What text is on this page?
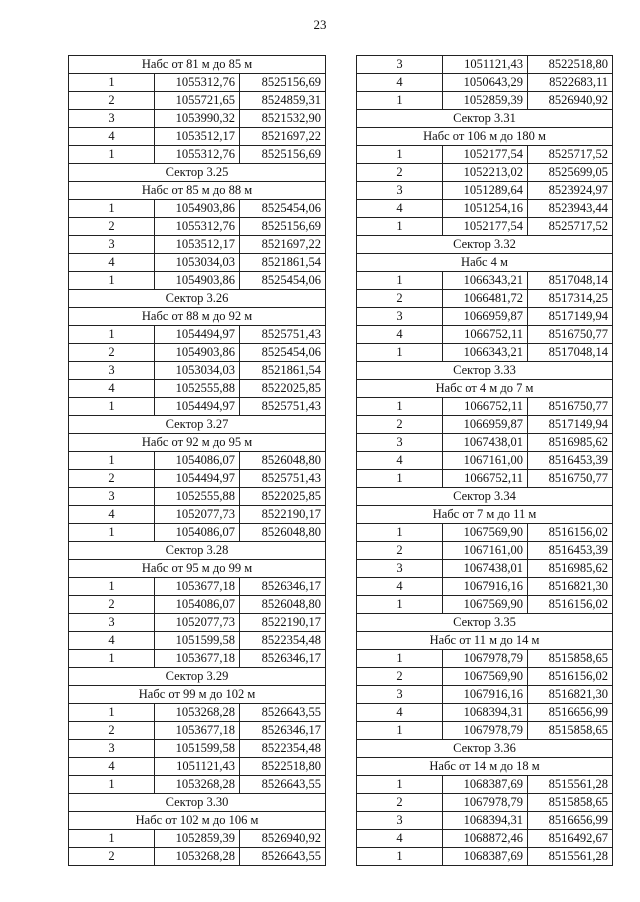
23
Набс от 81 м до 85 м		
1	1055312,76	8525156,69
2	1055721,65	8524859,31
3	1053990,32	8521532,90
4	1053512,17	8521697,22
1	1055312,76	8525156,69
Сектор 3.25		
Набс от 85 м до 88 м		
1	1054903,86	8525454,06
2	1055312,76	8525156,69
3	1053512,17	8521697,22
4	1053034,03	8521861,54
1	1054903,86	8525454,06
Сектор 3.26		
Набс от 88 м до 92 м		
1	1054494,97	8525751,43
2	1054903,86	8525454,06
3	1053034,03	8521861,54
4	1052555,88	8522025,85
1	1054494,97	8525751,43
Сектор 3.27		
Набс от 92 м до 95 м		
1	1054086,07	8526048,80
2	1054494,97	8525751,43
3	1052555,88	8522025,85
4	1052077,73	8522190,17
1	1054086,07	8526048,80
Сектор 3.28		
Набс от 95 м до 99 м		
1	1053677,18	8526346,17
2	1054086,07	8526048,80
3	1052077,73	8522190,17
4	1051599,58	8522354,48
1	1053677,18	8526346,17
Сектор 3.29		
Набс от 99 м до 102 м		
1	1053268,28	8526643,55
2	1053677,18	8526346,17
3	1051599,58	8522354,48
4	1051121,43	8522518,80
1	1053268,28	8526643,55
Сектор 3.30		
Набс от 102 м до 106 м		
1	1052859,39	8526940,92
2	1053268,28	8526643,55
3	1051121,43	8522518,80
4	1050643,29	8522683,11
1	1052859,39	8526940,92
Сектор 3.31		
Набс от 106 м до 180 м		
1	1052177,54	8525717,52
2	1052213,02	8525699,05
3	1051289,64	8523924,97
4	1051254,16	8523943,44
1	1052177,54	8525717,52
Сектор 3.32		
Набс 4 м		
1	1066343,21	8517048,14
2	1066481,72	8517314,25
3	1066959,87	8517149,94
4	1066752,11	8516750,77
1	1066343,21	8517048,14
Сектор 3.33		
Набс от 4 м до 7 м		
1	1066752,11	8516750,77
2	1066959,87	8517149,94
3	1067438,01	8516985,62
4	1067161,00	8516453,39
1	1066752,11	8516750,77
Сектор 3.34		
Набс от 7 м до 11 м		
1	1067569,90	8516156,02
2	1067161,00	8516453,39
3	1067438,01	8516985,62
4	1067916,16	8516821,30
1	1067569,90	8516156,02
Сектор 3.35		
Набс от 11 м до 14 м		
1	1067978,79	8515858,65
2	1067569,90	8516156,02
3	1067916,16	8516821,30
4	1068394,31	8516656,99
1	1067978,79	8515858,65
Сектор 3.36		
Набс от 14 м до 18 м		
1	1068387,69	8515561,28
2	1067978,79	8515858,65
3	1068394,31	8516656,99
4	1068872,46	8516492,67
1	1068387,69	8515561,28
